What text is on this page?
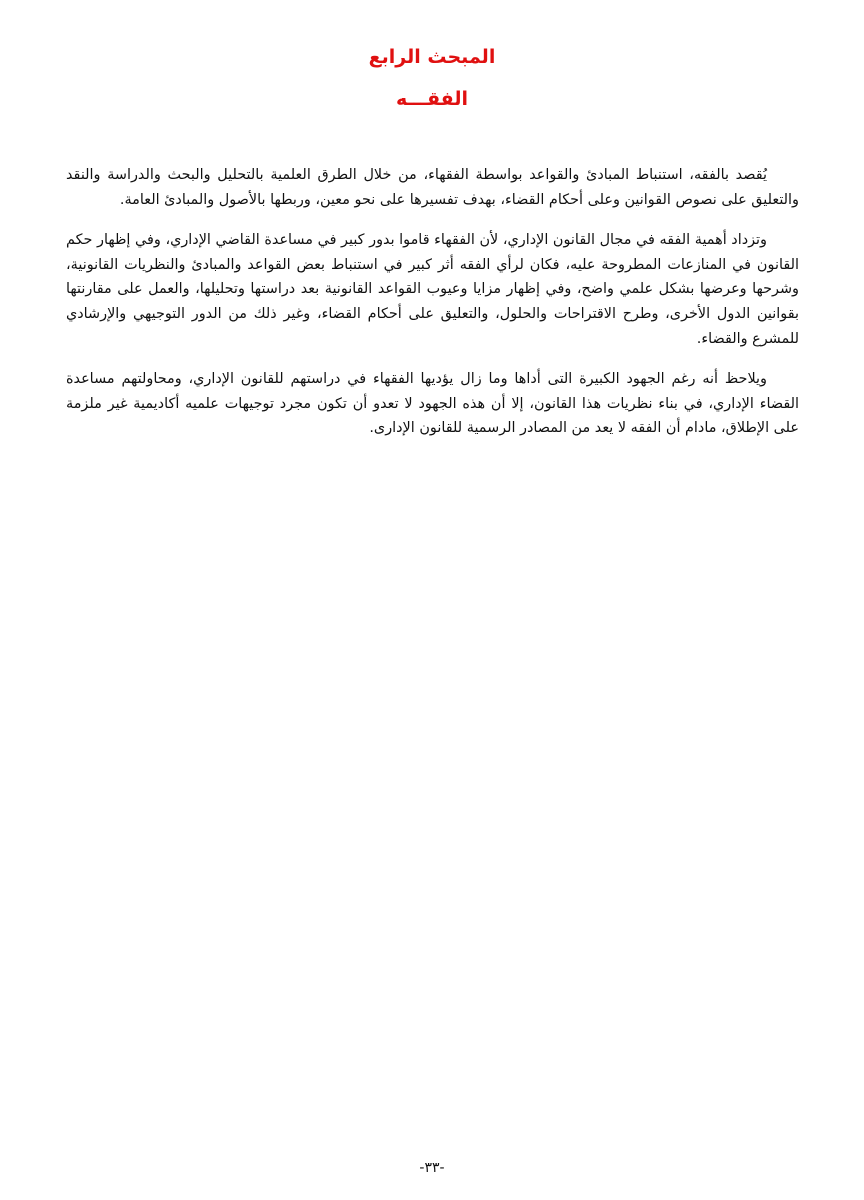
المبحث الرابع
الفقـــه

يُقصد بالفقه، استنباط المبادئ والقواعد بواسطة الفقهاء، من خلال الطرق العلمية بالتحليل والبحث والدراسة والنقد والتعليق على نصوص القوانين وعلى أحكام القضاء، بهدف تفسيرها على نحو معين، وربطها بالأصول والمبادئ العامة.

وتزداد أهمية الفقه في مجال القانون الإداري، لأن الفقهاء قاموا بدور كبير في مساعدة القاضي الإداري، وفي إظهار حكم القانون في المنازعات المطروحة عليه، فكان لرأي الفقه أثر كبير في استنباط بعض القواعد والمبادئ والنظريات القانونية، وشرحها وعرضها بشكل علمي واضح، وفي إظهار مزايا وعيوب القواعد القانونية بعد دراستها وتحليلها، والعمل على مقارنتها بقوانين الدول الأخرى، وطرح الاقتراحات والحلول، والتعليق على أحكام القضاء، وغير ذلك من الدور التوجيهي والإرشادي للمشرع والقضاء.

ويلاحظ أنه رغم الجهود الكبيرة التى أداها وما زال يؤديها الفقهاء في دراستهم للقانون الإداري، ومحاولتهم مساعدة القضاء الإداري، في بناء نظريات هذا القانون، إلا أن هذه الجهود لا تعدو أن تكون مجرد توجيهات علميه أكاديمية غير ملزمة على الإطلاق، مادام أن الفقه لا يعد من المصادر الرسمية للقانون الإدارى.

-٣٣-
